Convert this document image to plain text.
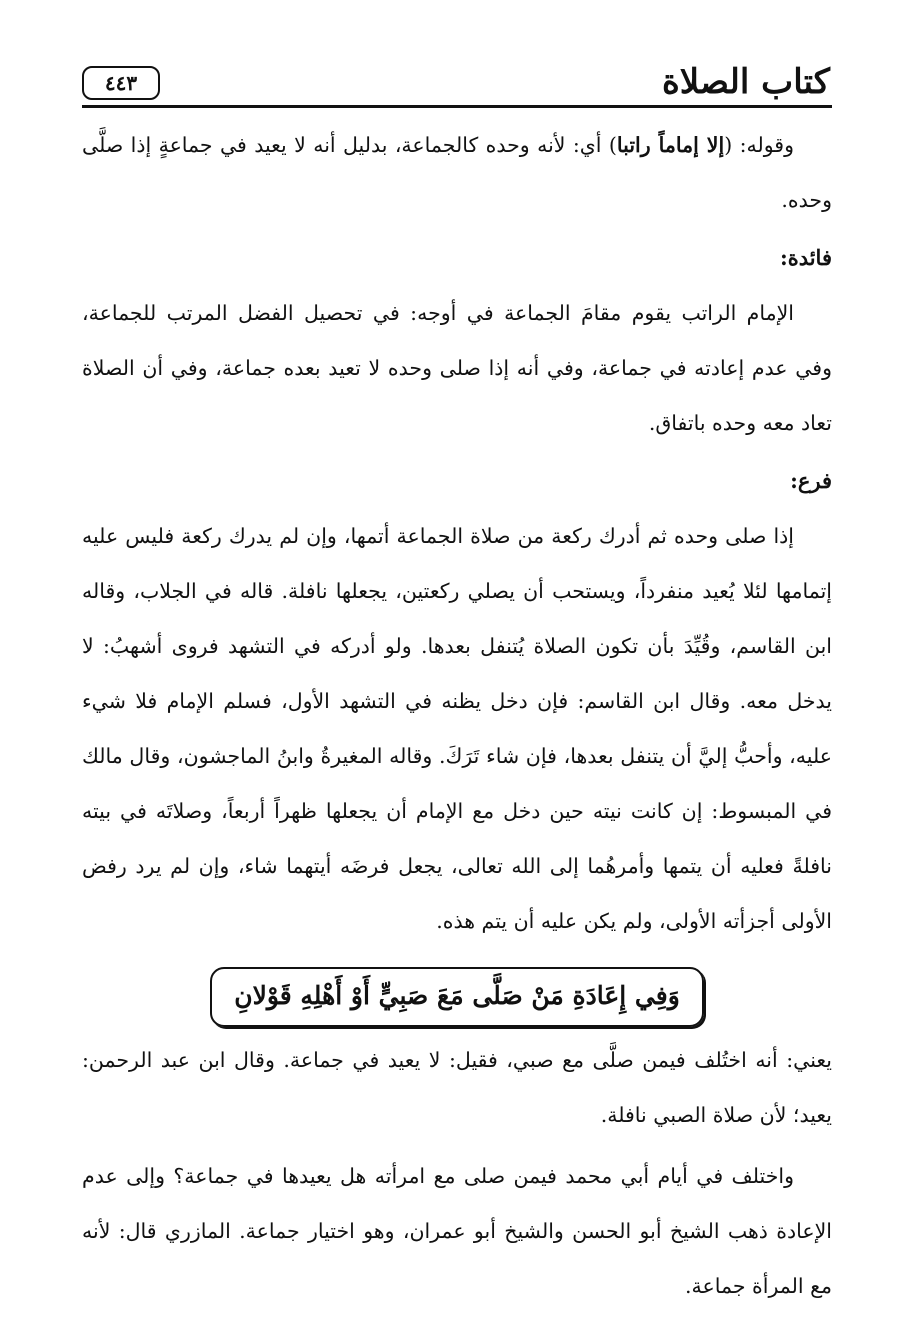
كتاب الصلاة
٤٤٣

وقوله: (إلا إماماً راتبا) أي: لأنه وحده كالجماعة، بدليل أنه لا يعيد في جماعةٍ إذا صلَّى وحده.

فائدة:

الإمام الراتب يقوم مقامَ الجماعة في أوجه: في تحصيل الفضل المرتب للجماعة، وفي عدم إعادته في جماعة، وفي أنه إذا صلى وحده لا تعيد بعده جماعة، وفي أن الصلاة تعاد معه وحده باتفاق.

فرع:

إذا صلى وحده ثم أدرك ركعة من صلاة الجماعة أتمها، وإن لم يدرك ركعة فليس عليه إتمامها لئلا يُعيد منفرداً، ويستحب أن يصلي ركعتين، يجعلها نافلة. قاله في الجلاب، وقاله ابن القاسم، وقُيِّدَ بأن تكون الصلاة يُتنفل بعدها. ولو أدركه في التشهد فروى أشهبُ: لا يدخل معه. وقال ابن القاسم: فإن دخل يظنه في التشهد الأول، فسلم الإمام فلا شيء عليه، وأحبُّ إليَّ أن يتنفل بعدها، فإن شاء تَرَكَ. وقاله المغيرةُ وابنُ الماجشون، وقال مالك في المبسوط: إن كانت نيته حين دخل مع الإمام أن يجعلها ظهراً أربعاً، وصلاتَه في بيته نافلةً فعليه أن يتمها وأمرهُما إلى الله تعالى، يجعل فرضَه أيتهما شاء، وإن لم يرد رفض الأولى أجزأته الأولى، ولم يكن عليه أن يتم هذه.

وَفِي إِعَادَةِ مَنْ صَلَّى مَعَ صَبِيٍّ أَوْ أَهْلِهِ قَوْلانِ

يعني: أنه اختُلف فيمن صلَّى مع صبي، فقيل: لا يعيد في جماعة. وقال ابن عبد الرحمن: يعيد؛ لأن صلاة الصبي نافلة.

واختلف في أيام أبي محمد فيمن صلى مع امرأته هل يعيدها في جماعة؟ وإلى عدم الإعادة ذهب الشيخ أبو الحسن والشيخ أبو عمران، وهو اختيار جماعة. المازري قال: لأنه مع المرأة جماعة.
